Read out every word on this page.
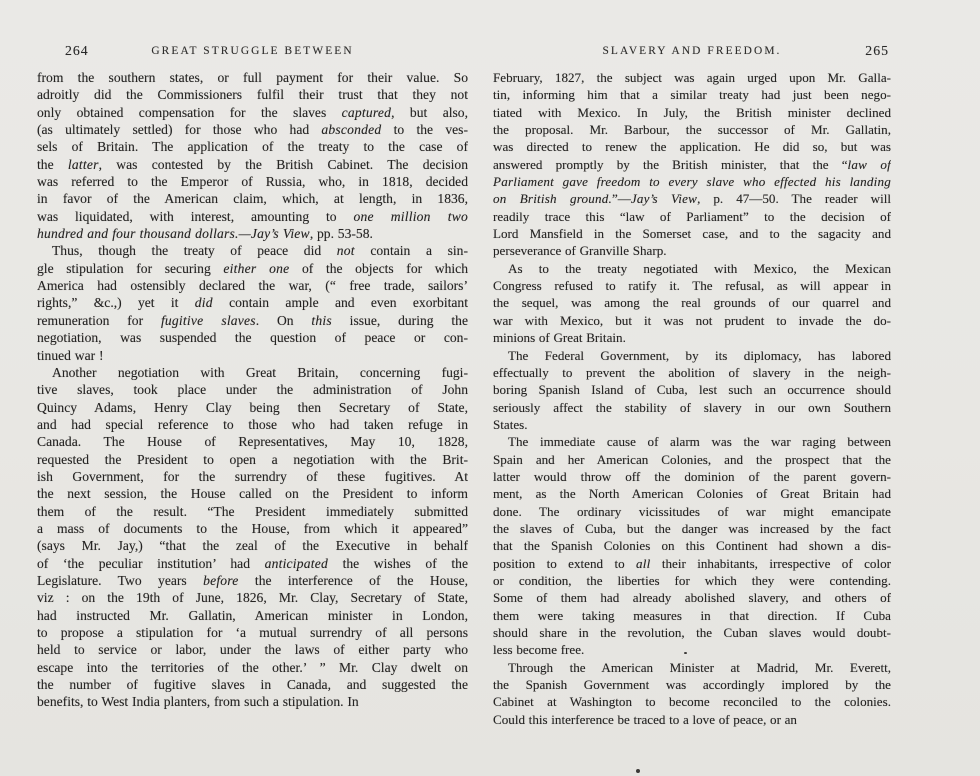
264	GREAT STRUGGLE BETWEEN
from the southern states, or full payment for their value. So
adroitly did the Commissioners fulfil their trust that they not
only obtained compensation for the slaves captured, but also,
(as ultimately settled) for those who had absconded to the ves-
sels of Britain. The application of the treaty to the case of
the latter, was contested by the British Cabinet. The decision
was referred to the Emperor of Russia, who, in 1818, decided
in favor of the American claim, which, at length, in 1836,
was liquidated, with interest, amounting to one million two
hundred and four thousand dollars.—Jay’s View, pp. 53-58.
Thus, though the treaty of peace did not contain a sin-
gle stipulation for securing either one of the objects for which
America had ostensibly declared the war, (“ free trade, sailors’
rights,” &c.,) yet it did contain ample and even exorbitant
remuneration for fugitive slaves. On this issue, during the
negotiation, was suspended the question of peace or con-
tinued war !
Another negotiation with Great Britain, concerning fugi-
tive slaves, took place under the administration of John
Quincy Adams, Henry Clay being then Secretary of State,
and had special reference to those who had taken refuge in
Canada. The House of Representatives, May 10, 1828,
requested the President to open a negotiation with the Brit-
ish Government, for the surrendry of these fugitives. At
the next session, the House called on the President to inform
them of the result. “The President immediately submitted
a mass of documents to the House, from which it appeared”
(says Mr. Jay,) “that the zeal of the Executive in behalf
of ‘the peculiar institution’ had anticipated the wishes of the
Legislature. Two years before the interference of the House,
viz : on the 19th of June, 1826, Mr. Clay, Secretary of State,
had instructed Mr. Gallatin, American minister in London,
to propose a stipulation for ‘a mutual surrendry of all persons
held to service or labor, under the laws of either party who
escape into the territories of the other.’ ” Mr. Clay dwelt on
the number of fugitive slaves in Canada, and suggested the
benefits, to West India planters, from such a stipulation. In
SLAVERY AND FREEDOM.	265
February, 1827, the subject was again urged upon Mr. Galla-
tin, informing him that a similar treaty had just been nego-
tiated with Mexico. In July, the British minister declined
the proposal. Mr. Barbour, the successor of Mr. Gallatin,
was directed to renew the application. He did so, but was
answered promptly by the British minister, that the “law of
Parliament gave freedom to every slave who effected his landing
on British ground.”—Jay’s View, p. 47—50. The reader will
readily trace this “law of Parliament” to the decision of
Lord Mansfield in the Somerset case, and to the sagacity and
perseverance of Granville Sharp.
As to the treaty negotiated with Mexico, the Mexican
Congress refused to ratify it. The refusal, as will appear in
the sequel, was among the real grounds of our quarrel and
war with Mexico, but it was not prudent to invade the do-
minions of Great Britain.
The Federal Government, by its diplomacy, has labored
effectually to prevent the abolition of slavery in the neigh-
boring Spanish Island of Cuba, lest such an occurrence should
seriously affect the stability of slavery in our own Southern
States.
The immediate cause of alarm was the war raging between
Spain and her American Colonies, and the prospect that the
latter would throw off the dominion of the parent govern-
ment, as the North American Colonies of Great Britain had
done. The ordinary vicissitudes of war might emancipate
the slaves of Cuba, but the danger was increased by the fact
that the Spanish Colonies on this Continent had shown a dis-
position to extend to all their inhabitants, irrespective of color
or condition, the liberties for which they were contending.
Some of them had already abolished slavery, and others of
them were taking measures in that direction. If Cuba
should share in the revolution, the Cuban slaves would doubt-
less become free.
Through the American Minister at Madrid, Mr. Everett,
the Spanish Government was accordingly implored by the
Cabinet at Washington to become reconciled to the colonies.
Could this interference be traced to a love of peace, or an
